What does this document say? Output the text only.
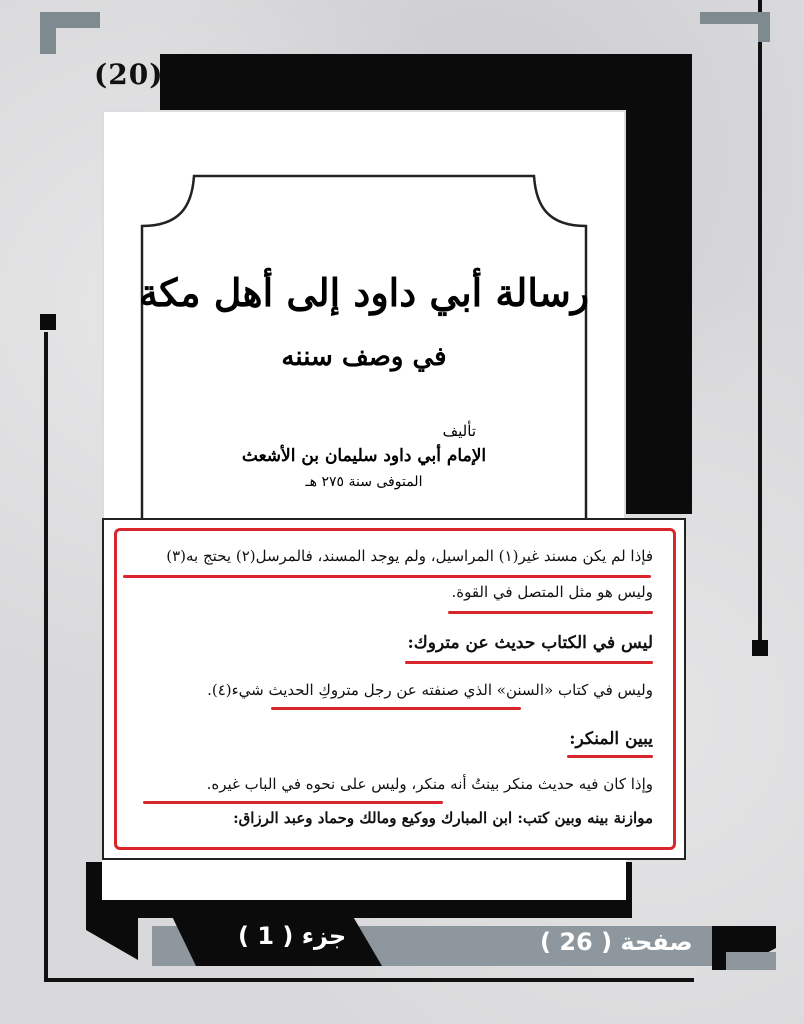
(20)
رسالة أبي داود إلى أهل مكة
في وصف سننه
تأليف
الإمام أبي داود سليمان بن الأشعث
المتوفى سنة ٢٧٥ هـ
فإذا لم يكن مسند غير(١) المراسيل، ولم يوجد المسند، فالمرسل(٢) يحتج به(٣)
وليس هو مثل المتصل في القوة.
ليس في الكتاب حديث عن متروك:
وليس في كتاب «السنن» الذي صنفته عن رجل متروكِ الحديث شيء(٤).
يبين المنكر:
وإذا كان فيه حديث منكر بينتُ أنه منكر، وليس على نحوه في الباب غيره.
موازنة بينه وبين كتب: ابن المبارك ووكيع ومالك وحماد وعبد الرزاق:
جزء ( 1 )	صفحة ( 26 )
